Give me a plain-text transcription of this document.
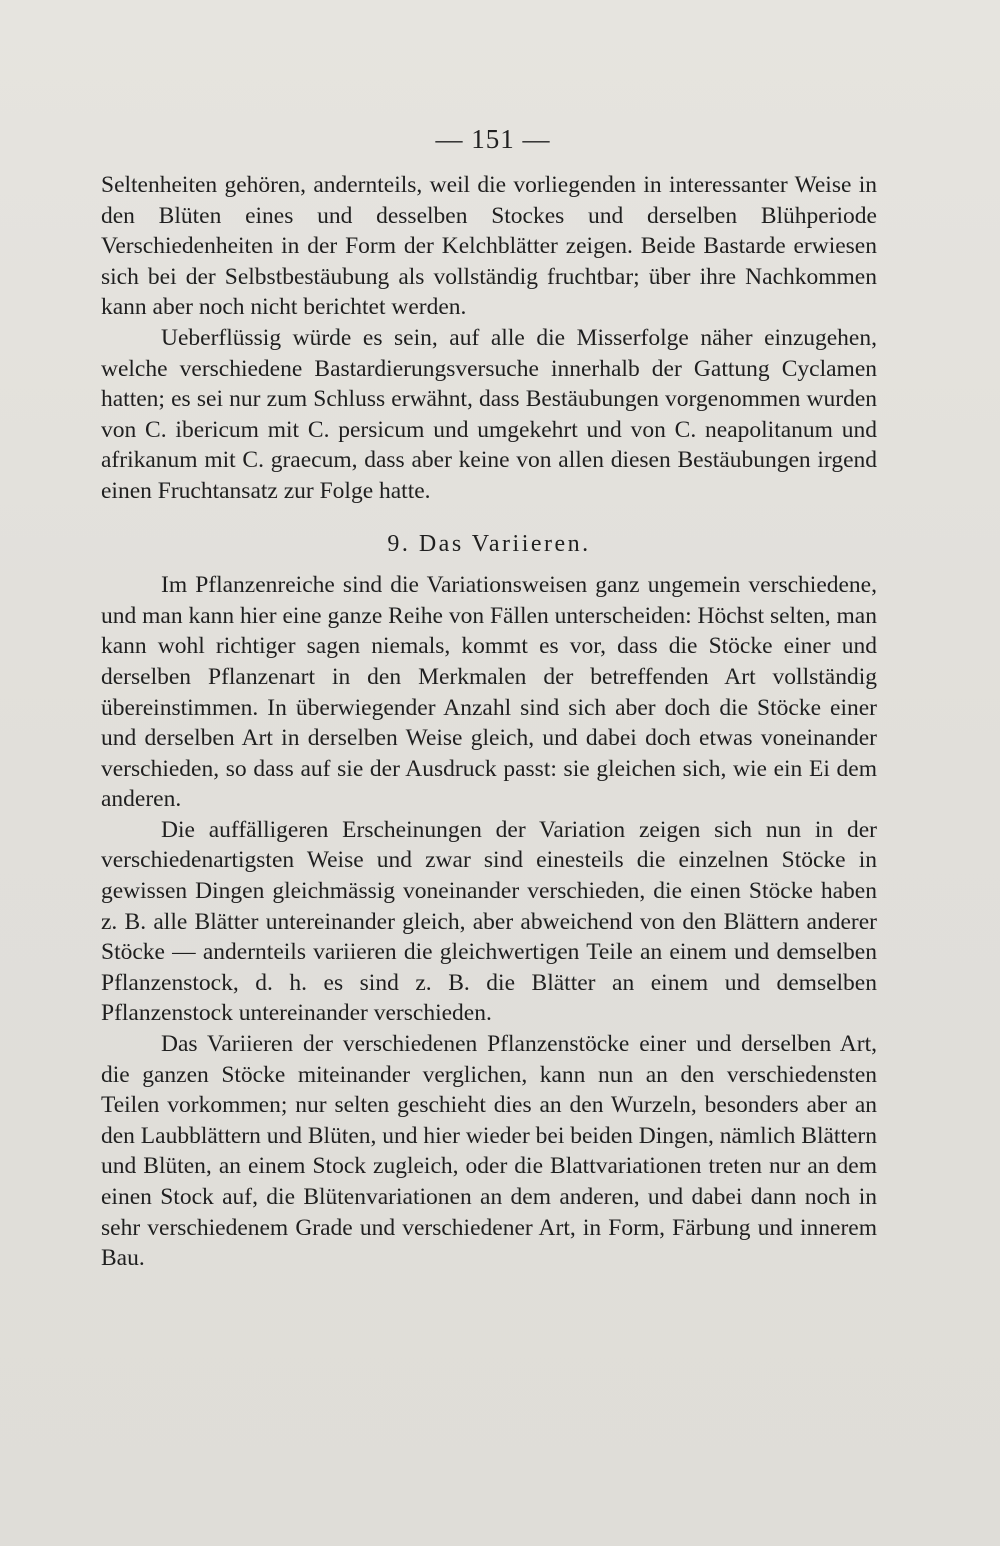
— 151 —

Seltenheiten gehören, andernteils, weil die vorliegenden in interessanter Weise in den Blüten eines und desselben Stockes und derselben Blühperiode Verschiedenheiten in der Form der Kelchblätter zeigen. Beide Bastarde erwiesen sich bei der Selbstbestäubung als vollständig fruchtbar; über ihre Nachkommen kann aber noch nicht berichtet werden.

Ueberflüssig würde es sein, auf alle die Misserfolge näher einzugehen, welche verschiedene Bastardierungsversuche innerhalb der Gattung Cyclamen hatten; es sei nur zum Schluss erwähnt, dass Bestäubungen vorgenommen wurden von C. ibericum mit C. persicum und umgekehrt und von C. neapolitanum und afrikanum mit C. graecum, dass aber keine von allen diesen Bestäubungen irgend einen Fruchtansatz zur Folge hatte.

9. Das Variieren.

Im Pflanzenreiche sind die Variationsweisen ganz ungemein verschiedene, und man kann hier eine ganze Reihe von Fällen unterscheiden: Höchst selten, man kann wohl richtiger sagen niemals, kommt es vor, dass die Stöcke einer und derselben Pflanzenart in den Merkmalen der betreffenden Art vollständig übereinstimmen. In überwiegender Anzahl sind sich aber doch die Stöcke einer und derselben Art in derselben Weise gleich, und dabei doch etwas voneinander verschieden, so dass auf sie der Ausdruck passt: sie gleichen sich, wie ein Ei dem anderen.

Die auffälligeren Erscheinungen der Variation zeigen sich nun in der verschiedenartigsten Weise und zwar sind einesteils die einzelnen Stöcke in gewissen Dingen gleichmässig voneinander verschieden, die einen Stöcke haben z. B. alle Blätter untereinander gleich, aber abweichend von den Blättern anderer Stöcke — andernteils variieren die gleichwertigen Teile an einem und demselben Pflanzenstock, d. h. es sind z. B. die Blätter an einem und demselben Pflanzenstock untereinander verschieden.

Das Variieren der verschiedenen Pflanzenstöcke einer und derselben Art, die ganzen Stöcke miteinander verglichen, kann nun an den verschiedensten Teilen vorkommen; nur selten geschieht dies an den Wurzeln, besonders aber an den Laubblättern und Blüten, und hier wieder bei beiden Dingen, nämlich Blättern und Blüten, an einem Stock zugleich, oder die Blattvariationen treten nur an dem einen Stock auf, die Blütenvariationen an dem anderen, und dabei dann noch in sehr verschiedenem Grade und verschiedener Art, in Form, Färbung und innerem Bau.
